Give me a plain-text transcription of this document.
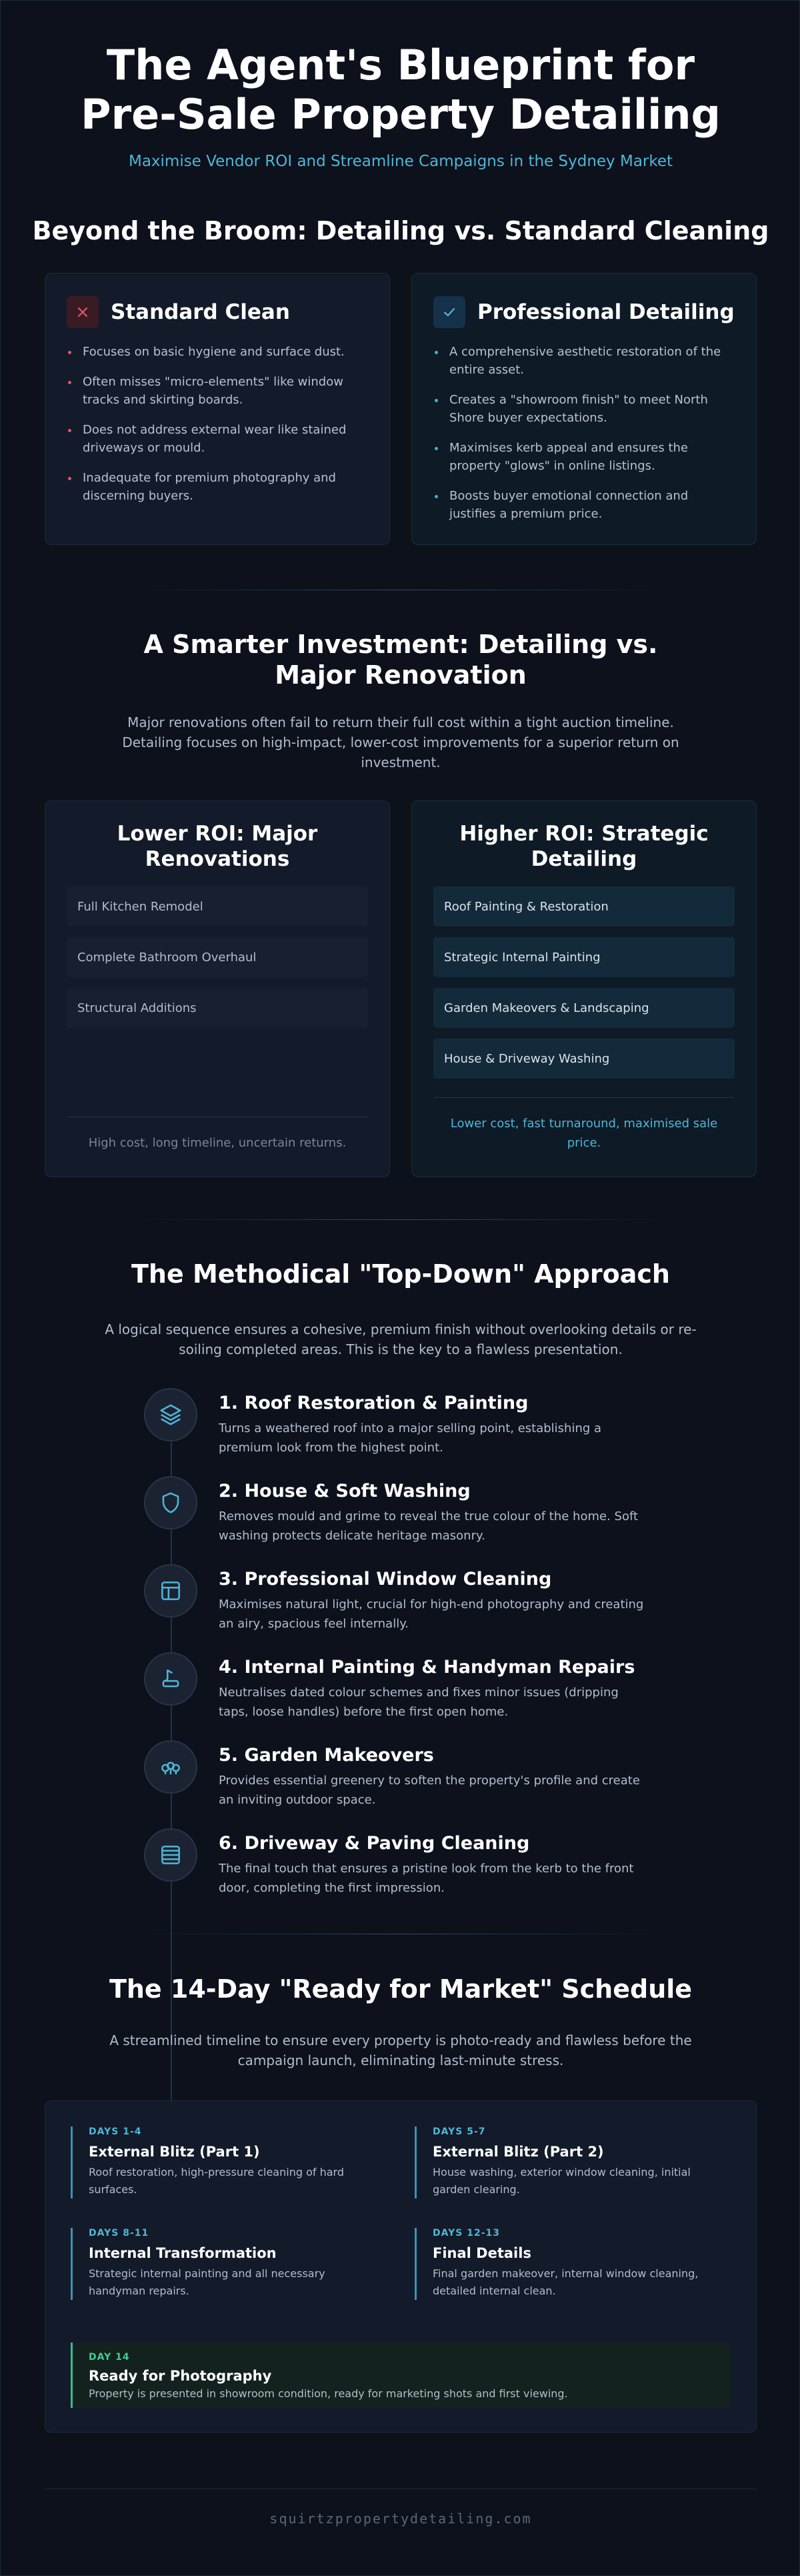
The Agent's Blueprint for Pre-Sale Property Detailing

Maximise Vendor ROI and Streamline Campaigns in the Sydney Market

Beyond the Broom: Detailing vs. Standard Cleaning
Standard Clean
Focuses on basic hygiene and surface dust.
Often misses "micro-elements" like window tracks and skirting boards.
Does not address external wear like stained driveways or mould.
Inadequate for premium photography and discerning buyers.
Professional Detailing
A comprehensive aesthetic restoration of the entire asset.
Creates a "showroom finish" to meet North Shore buyer expectations.
Maximises kerb appeal and ensures the property "glows" in online listings.
Boosts buyer emotional connection and justifies a premium price.
A Smarter Investment: Detailing vs. Major Renovation

Major renovations often fail to return their full cost within a tight auction timeline. Detailing focuses on high-impact, lower-cost improvements for a superior return on investment.

Lower ROI: Major Renovations
Full Kitchen Remodel
Complete Bathroom Overhaul
Structural Additions
High cost, long timeline, uncertain returns.
Higher ROI: Strategic Detailing
Roof Painting & Restoration
Strategic Internal Painting
Garden Makeovers & Landscaping
House & Driveway Washing
Lower cost, fast turnaround, maximised sale price.
The Methodical "Top-Down" Approach

A logical sequence ensures a cohesive, premium finish without overlooking details or re-soiling completed areas. This is the key to a flawless presentation.

1. Roof Restoration & Painting

Turns a weathered roof into a major selling point, establishing a premium look from the highest point.

2. House & Soft Washing

Removes mould and grime to reveal the true colour of the home. Soft washing protects delicate heritage masonry.

3. Professional Window Cleaning

Maximises natural light, crucial for high-end photography and creating an airy, spacious feel internally.

4. Internal Painting & Handyman Repairs

Neutralises dated colour schemes and fixes minor issues (dripping taps, loose handles) before the first open home.

5. Garden Makeovers

Provides essential greenery to soften the property's profile and create an inviting outdoor space.

6. Driveway & Paving Cleaning

The final touch that ensures a pristine look from the kerb to the front door, completing the first impression.

The 14-Day "Ready for Market" Schedule

A streamlined timeline to ensure every property is photo-ready and flawless before the campaign launch, eliminating last-minute stress.

DAYS 1-4
External Blitz (Part 1)

Roof restoration, high-pressure cleaning of hard surfaces.

DAYS 5-7
External Blitz (Part 2)

House washing, exterior window cleaning, initial garden clearing.

DAYS 8-11
Internal Transformation

Strategic internal painting and all necessary handyman repairs.

DAYS 12-13
Final Details

Final garden makeover, internal window cleaning, detailed internal clean.

DAY 14
Ready for Photography

Property is presented in showroom condition, ready for marketing shots and first viewing.

squirtzpropertydetailing.com
